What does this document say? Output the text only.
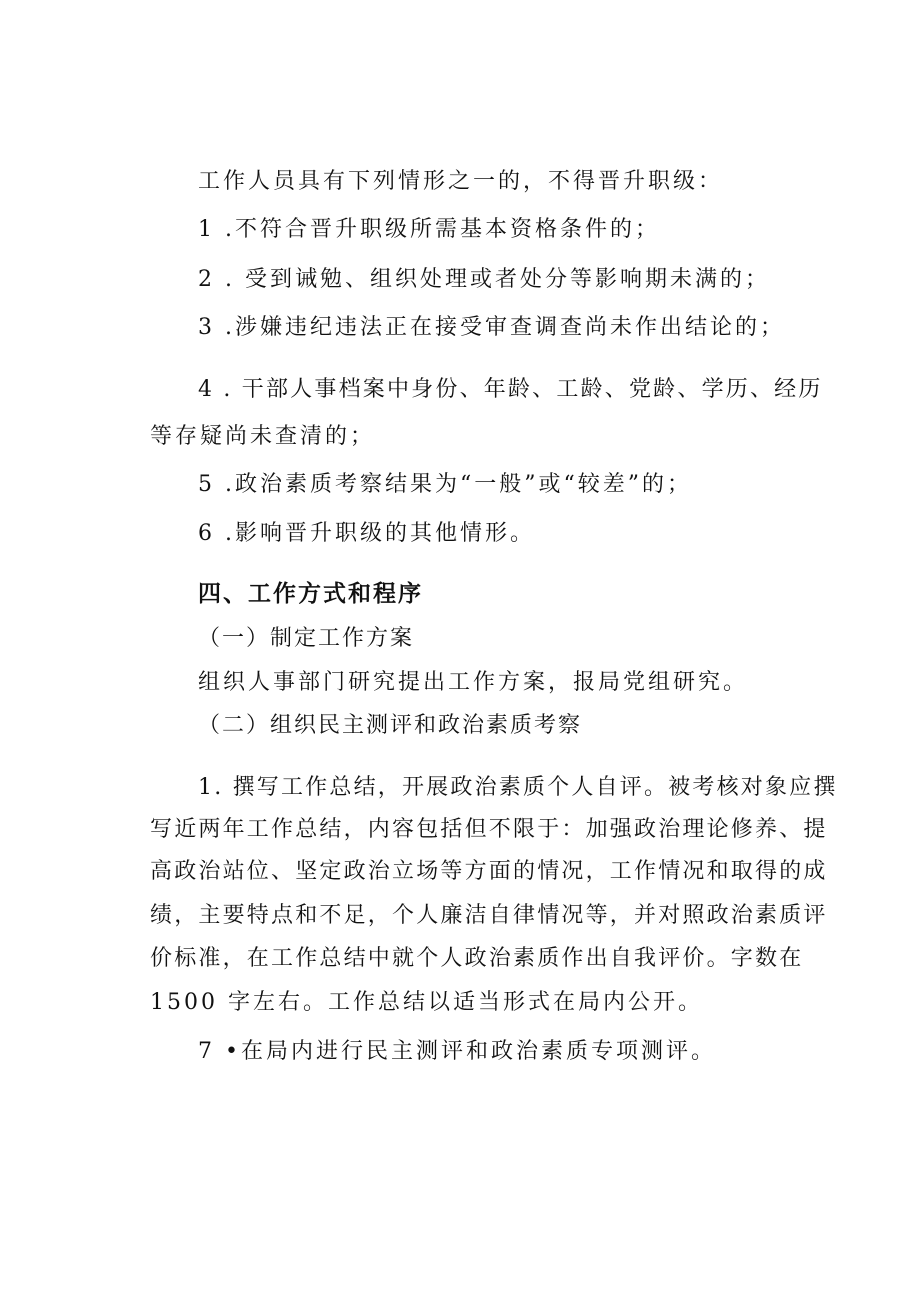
工作人员具有下列情形之一的，不得晋升职级：
1 .不符合晋升职级所需基本资格条件的；
2 . 受到诫勉、组织处理或者处分等影响期未满的；
3 .涉嫌违纪违法正在接受审查调查尚未作出结论的；
4 . 干部人事档案中身份、年龄、工龄、党龄、学历、经历
等存疑尚未查清的；
5 .政治素质考察结果为“一般”或“较差”的；
6 .影响晋升职级的其他情形。
四、工作方式和程序
（一）制定工作方案
组织人事部门研究提出工作方案，报局党组研究。
（二）组织民主测评和政治素质考察
1. 撰写工作总结，开展政治素质个人自评。被考核对象应撰
写近两年工作总结，内容包括但不限于：加强政治理论修养、提
高政治站位、坚定政治立场等方面的情况，工作情况和取得的成
绩，主要特点和不足，个人廉洁自律情况等，并对照政治素质评
价标准，在工作总结中就个人政治素质作出自我评价。字数在
1500 字左右。工作总结以适当形式在局内公开。
7 •在局内进行民主测评和政治素质专项测评。
